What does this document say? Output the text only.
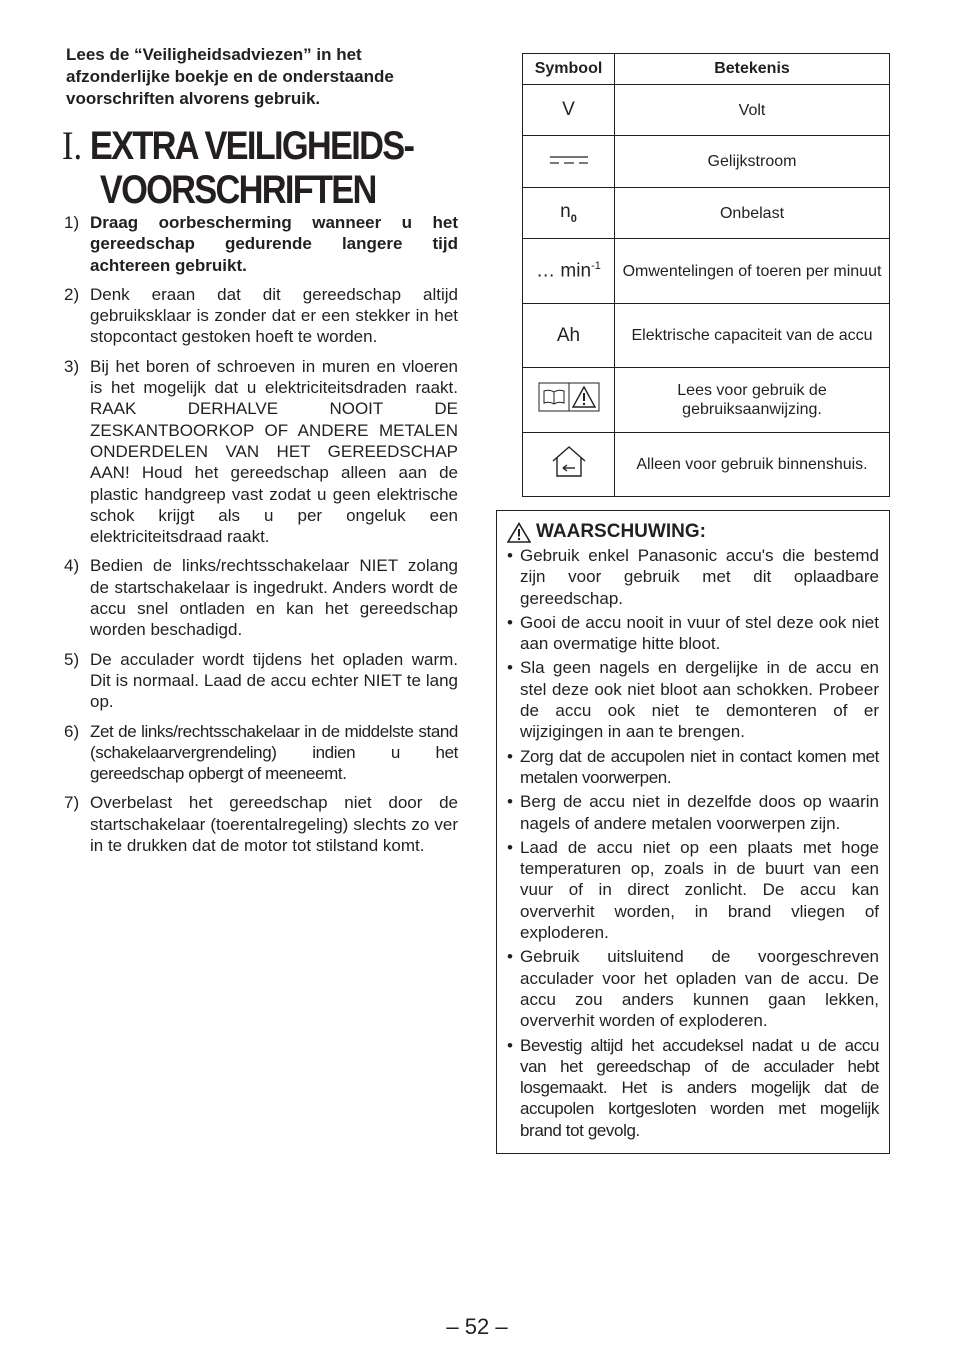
Lees de “Veiligheidsadviezen” in het afzonderlijke boekje en de onderstaande voorschriften alvorens gebruik.
I. EXTRA VEILIGHEIDS-
VOORSCHRIFTEN
1) Draag oorbescherming wanneer u het gereedschap gedurende langere tijd achtereen gebruikt.
2) Denk eraan dat dit gereedschap altijd gebruiksklaar is zonder dat er een stekker in het stopcontact gestoken hoeft te worden.
3) Bij het boren of schroeven in muren en vloeren is het mogelijk dat u elektriciteitsdraden raakt. RAAK DERHALVE NOOIT DE ZESKANTBOORKOP OF ANDERE METALEN ONDERDELEN VAN HET GEREEDSCHAP AAN! Houd het gereedschap alleen aan de plastic handgreep vast zodat u geen elektrische schok krijgt als u per ongeluk een elektriciteitsdraad raakt.
4) Bedien de links/rechtsschakelaar NIET zolang de startschakelaar is ingedrukt. Anders wordt de accu snel ontladen en kan het gereedschap worden beschadigd.
5) De acculader wordt tijdens het opladen warm. Dit is normaal. Laad de accu echter NIET te lang op.
6) Zet de links/rechtsschakelaar in de middelste stand (schakelaarvergrendeling) indien u het gereedschap opbergt of meeneemt.
7) Overbelast het gereedschap niet door de startschakelaar (toerentalregeling) slechts zo ver in te drukken dat de motor tot stilstand komt.
Symbool	Betekenis
V	Volt
	Gelijkstroom
$n_0$	Onbelast
… $\min^{-1}$	Omwentelingen of toeren per minuut
Ah	Elektrische capaciteit van de accu
	Lees voor gebruik de gebruiksaanwijzing.
	Alleen voor gebruik binnenshuis.
WAARSCHUWING:
• Gebruik enkel Panasonic accu's die bestemd zijn voor gebruik met dit oplaadbare gereedschap.
• Gooi de accu nooit in vuur of stel deze ook niet aan overmatige hitte bloot.
• Sla geen nagels en dergelijke in de accu en stel deze ook niet bloot aan schokken. Probeer de accu ook niet te demonteren of er wijzigingen in aan te brengen.
• Zorg dat de accupolen niet in contact komen met metalen voorwerpen.
• Berg de accu niet in dezelfde doos op waarin nagels of andere metalen voorwerpen zijn.
• Laad de accu niet op een plaats met hoge temperaturen op, zoals in de buurt van een vuur of in direct zonlicht. De accu kan oververhit worden, in brand vliegen of exploderen.
• Gebruik uitsluitend de voorgeschreven acculader voor het opladen van de accu. De accu zou anders kunnen gaan lekken, oververhit worden of exploderen.
• Bevestig altijd het accudeksel nadat u de accu van het gereedschap of de acculader hebt losgemaakt. Het is anders mogelijk dat de accupolen kortgesloten worden met mogelijk brand tot gevolg.
– 52 –
